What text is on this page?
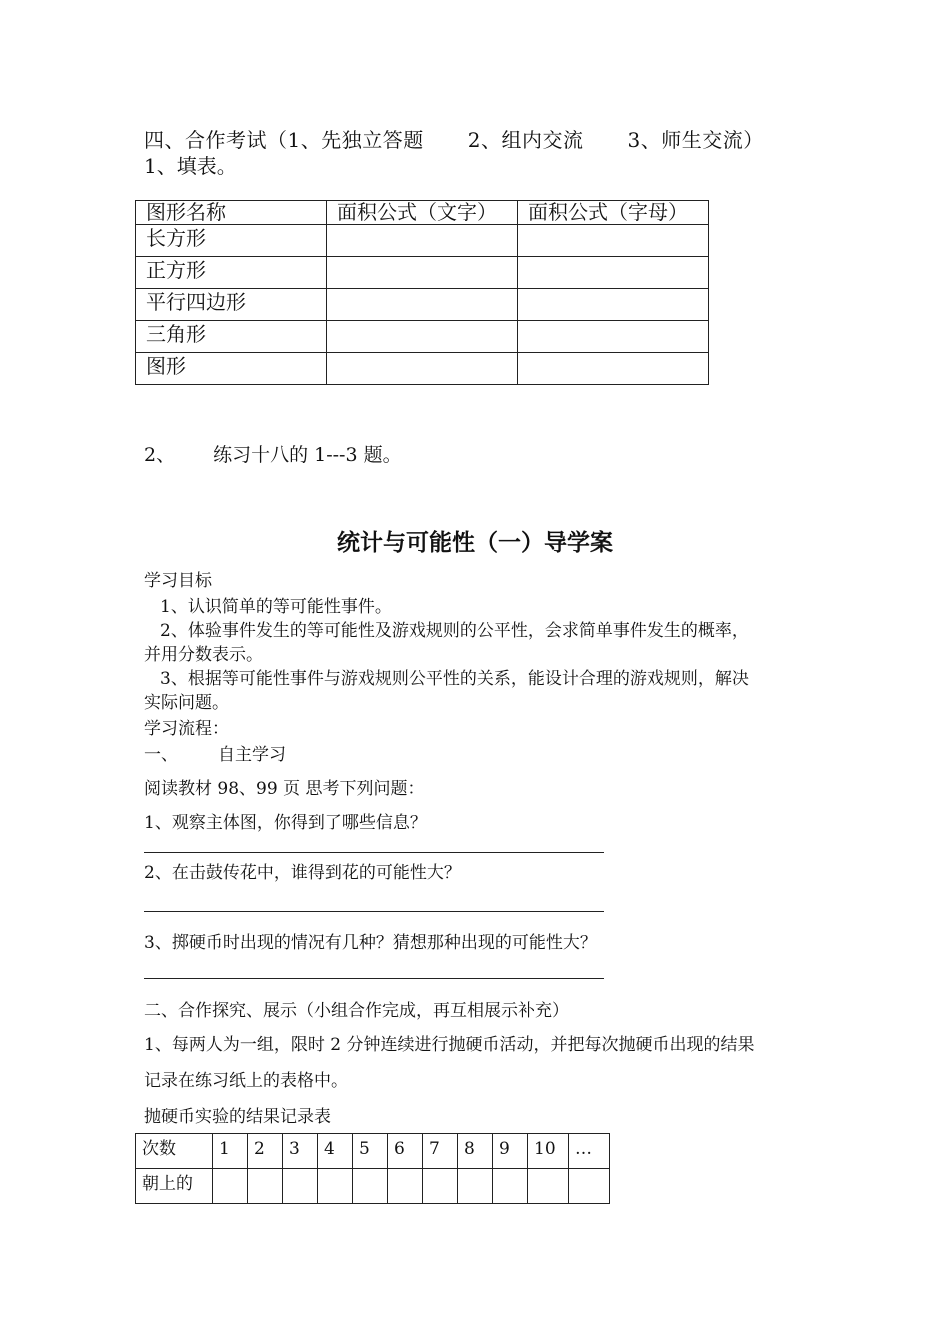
四、合作考试（1、先独立答题 2、组内交流 3、师生交流）
1、填表。
图形名称	面积公式（文字）	面积公式（字母）
长方形		
正方形		
平行四边形		
三角形		
图形		
2、 练习十八的 1---3 题。
统计与可能性（一）导学案
学习目标
1、认识简单的等可能性事件。
2、体验事件发生的等可能性及游戏规则的公平性，会求简单事件发生的概率，
并用分数表示。
3、根据等可能性事件与游戏规则公平性的关系，能设计合理的游戏规则，解决
实际问题。
学习流程：
一、 自主学习
阅读教材 98、99 页 思考下列问题：
1、观察主体图，你得到了哪些信息？
2、在击鼓传花中，谁得到花的可能性大？
3、掷硬币时出现的情况有几种？猜想那种出现的可能性大？
二、合作探究、展示（小组合作完成，再互相展示补充）
1、每两人为一组，限时 2 分钟连续进行抛硬币活动，并把每次抛硬币出现的结果
记录在练习纸上的表格中。
抛硬币实验的结果记录表
次数	1	2	3	4	5	6	7	8	9	10	…
朝上的											
